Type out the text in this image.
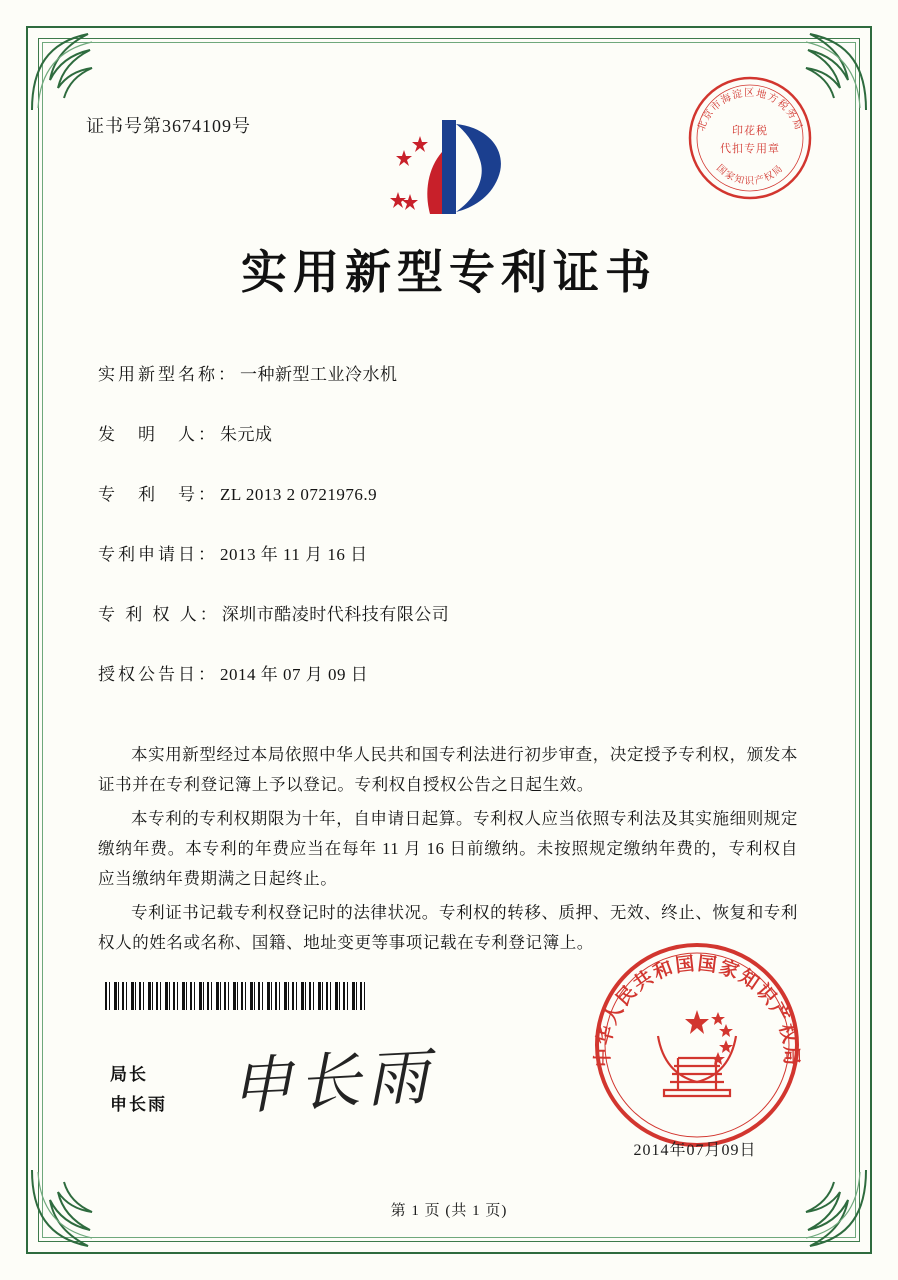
证书号第3674109号	北京市海淀区地方税务局
国家知识产权局
印花税
代扣专用章
实用新型专利证书
实用新型名称： 一种新型工业冷水机
发　明　人： 朱元成
专　利　号： ZL 2013 2 0721976.9
专利申请日： 2013 年 11 月 16 日
专 利 权 人： 深圳市酷凌时代科技有限公司
授权公告日： 2014 年 07 月 09 日

本实用新型经过本局依照中华人民共和国专利法进行初步审查，决定授予专利权，颁发本证书并在专利登记簿上予以登记。专利权自授权公告之日起生效。

本专利的专利权期限为十年，自申请日起算。专利权人应当依照专利法及其实施细则规定缴纳年费。本专利的年费应当在每年 11 月 16 日前缴纳。未按照规定缴纳年费的，专利权自应当缴纳年费期满之日起终止。

专利证书记载专利权登记时的法律状况。专利权的转移、质押、无效、终止、恢复和专利权人的姓名或名称、国籍、地址变更等事项记载在专利登记簿上。

申长雨
局长
申长雨
中华人民共和国国家知识产权局
2014年07月09日
第 1 页 (共 1 页)
